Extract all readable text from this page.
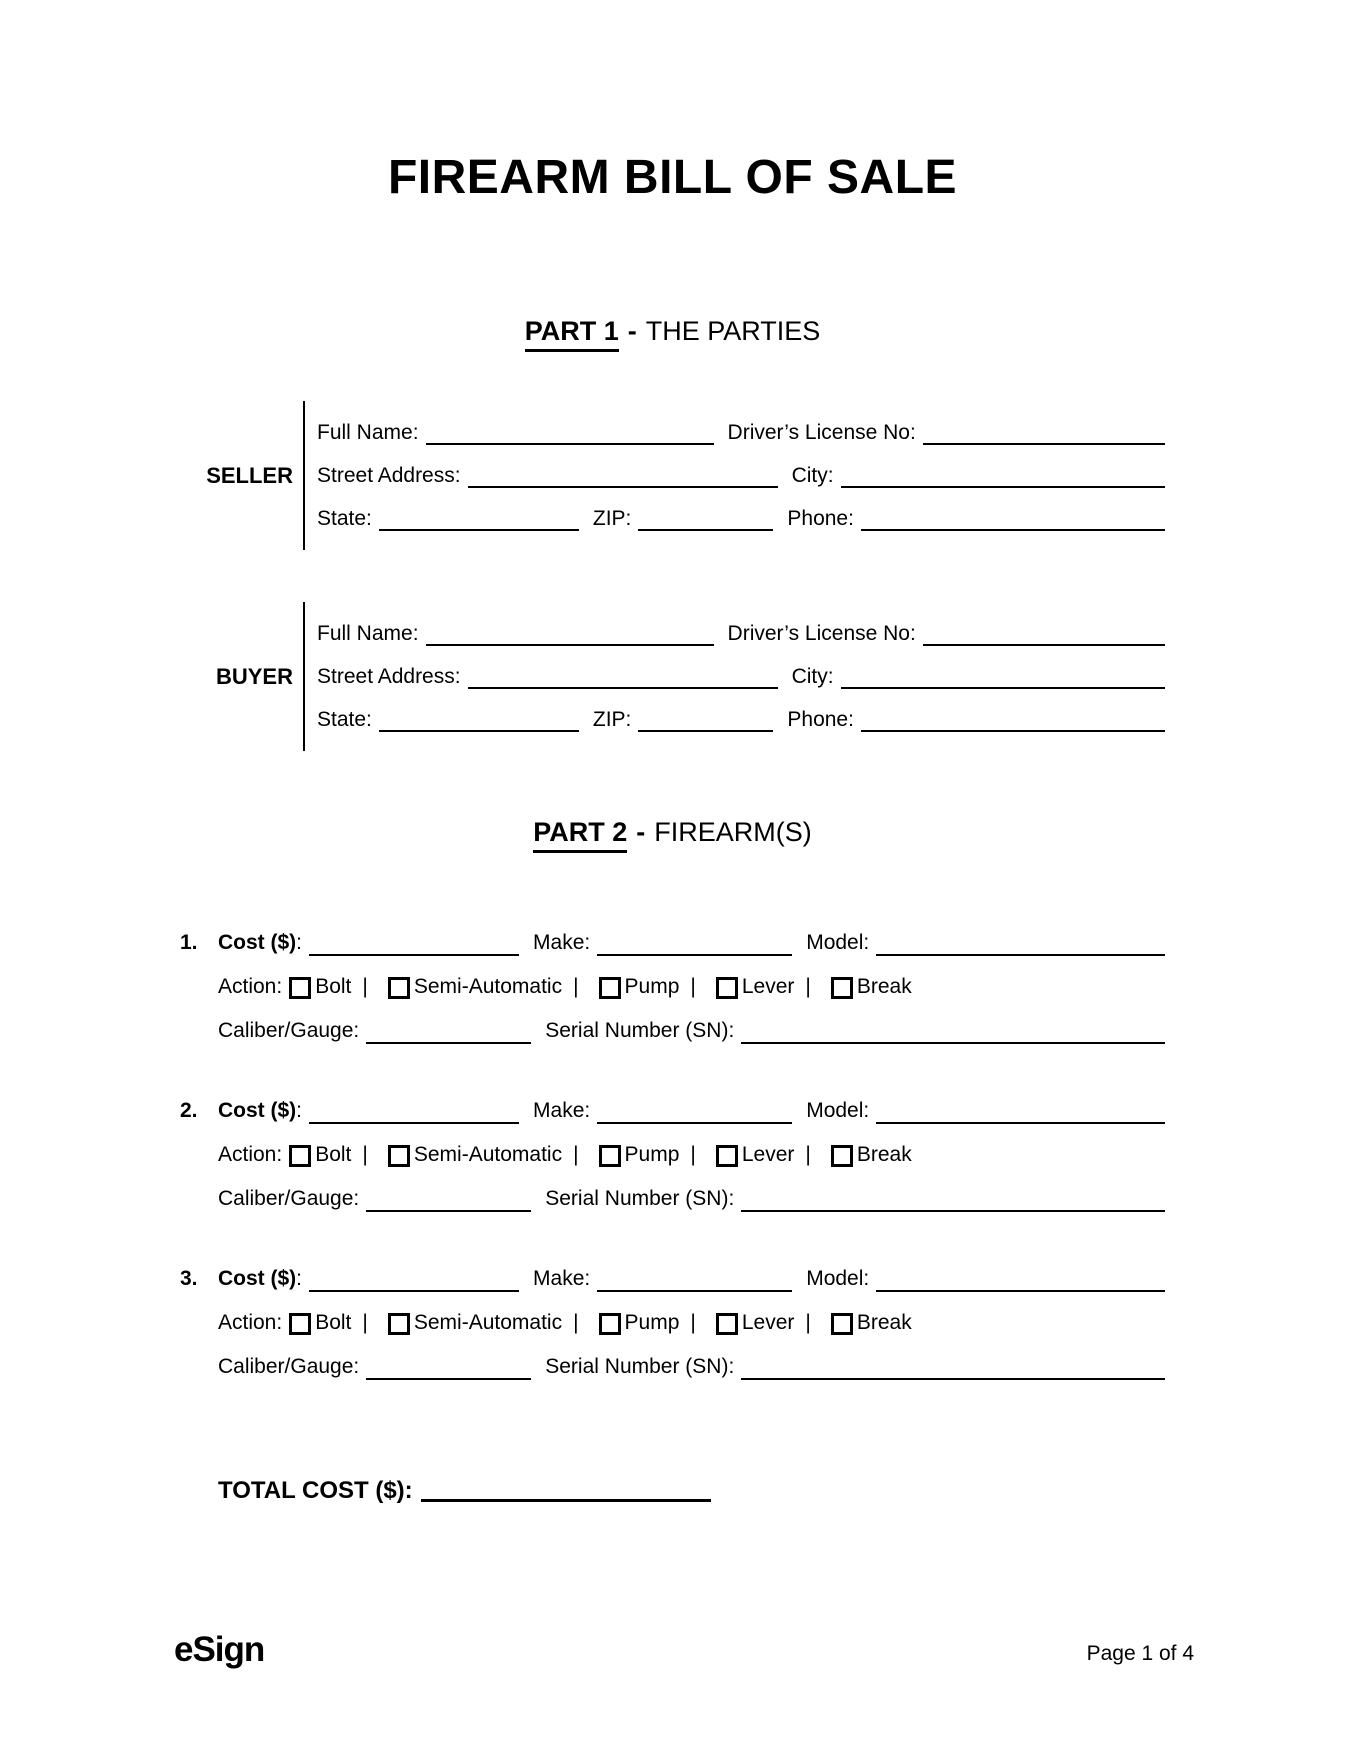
FIREARM BILL OF SALE
PART 1 - THE PARTIES
SELLER
Full Name:	Driver’s License No:
Street Address:	City:
State:	ZIP:	Phone:
BUYER
Full Name:	Driver’s License No:
Street Address:	City:
State:	ZIP:	Phone:
PART 2 - FIREARM(S)
1. Cost ($) :	Make:	Model:
Action: Bolt |	Semi-Automatic |	Pump |	Lever |	Break
Caliber/Gauge:	Serial Number (SN):
2. Cost ($) :	Make:	Model:
Action: Bolt |	Semi-Automatic |	Pump |	Lever |	Break
Caliber/Gauge:	Serial Number (SN):
3. Cost ($) :	Make:	Model:
Action: Bolt |	Semi-Automatic |	Pump |	Lever |	Break
Caliber/Gauge:	Serial Number (SN):
TOTAL COST ($):
eSign	Page 1 of 4
